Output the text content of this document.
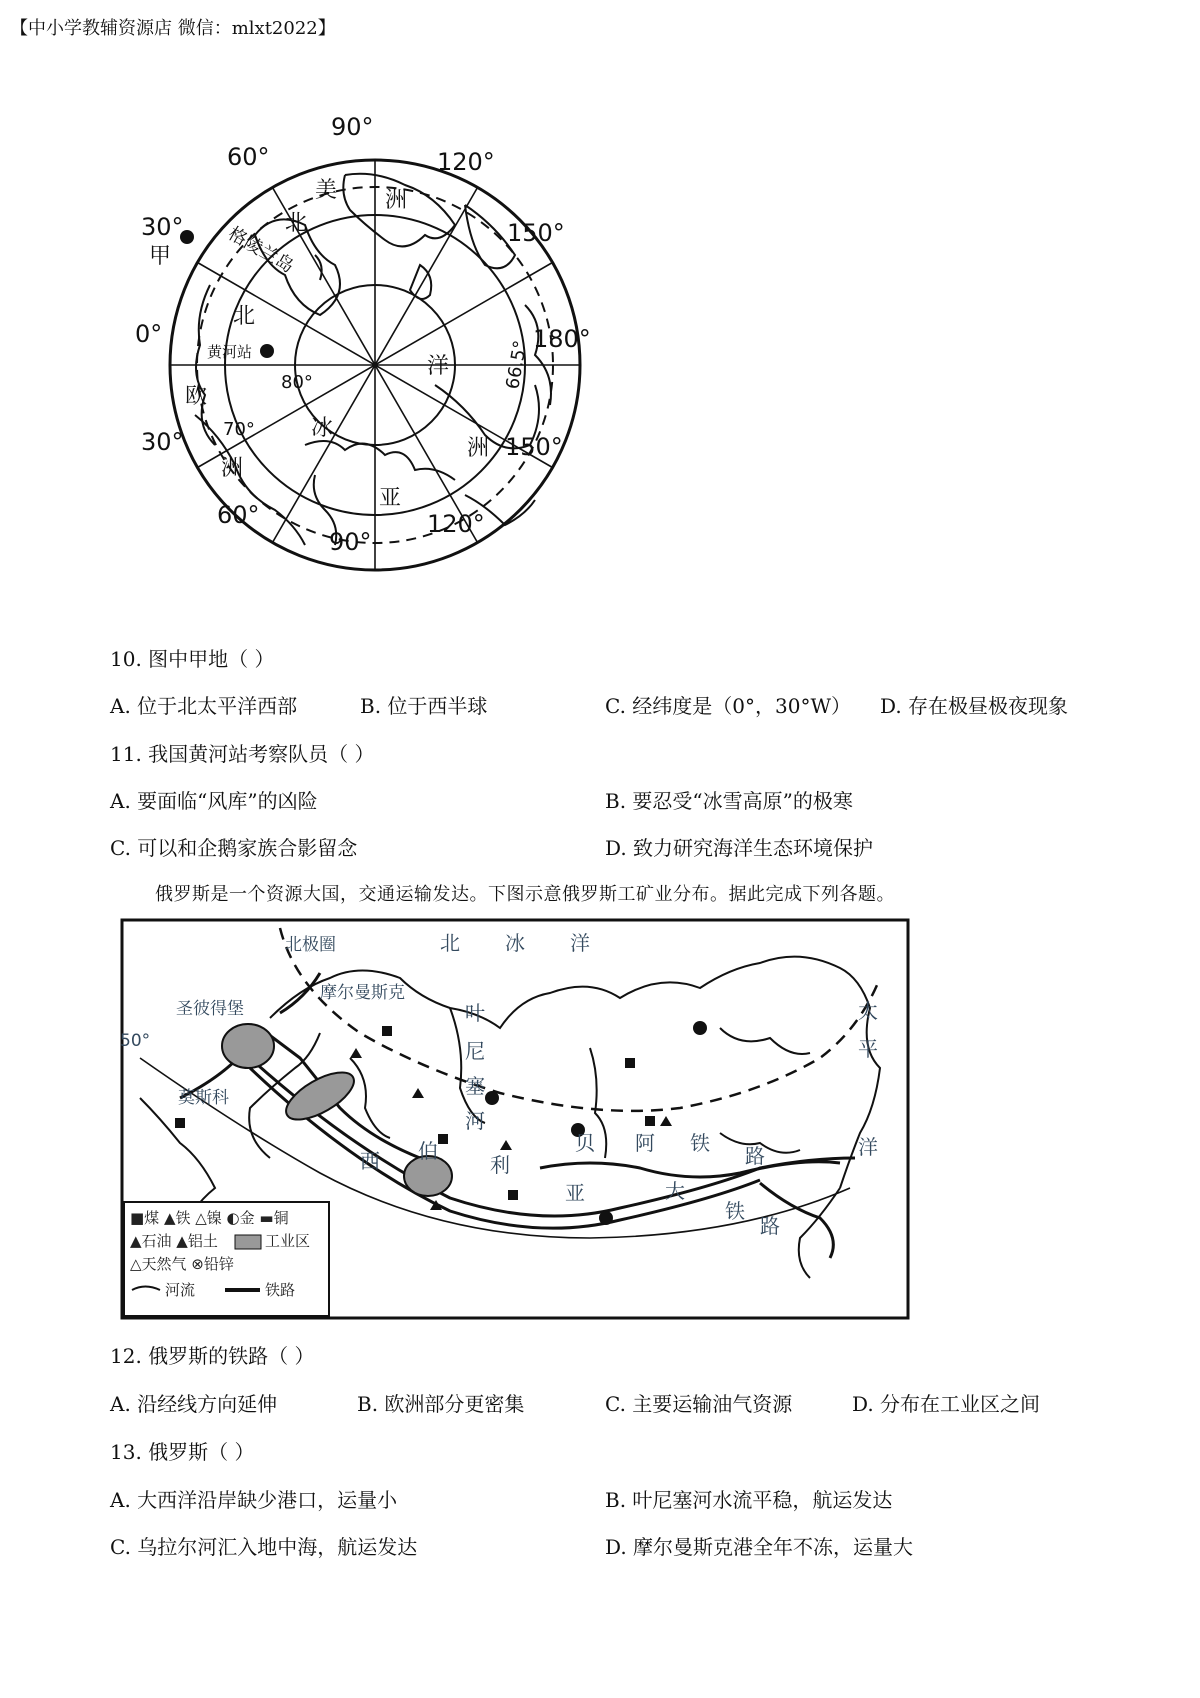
【中小学教辅资源店 微信：mlxt2022】
90°
60°
30°
0°
30°
60°
90°
120°
150°
180°
150°
120°
80°
70°
66.5°
甲	格陵兰岛
黄河站
北
美 洲
北
洋
冰
欧
洲
洲
亚
10. 图中甲地（ ）
A. 位于北太平洋西部	B. 位于西半球	C. 经纬度是（0°，30°W） D. 存在极昼极夜现象
11. 我国黄河站考察队员（ ）
A. 要面临“风库”的凶险	B. 要忍受“冰雪高原”的极寒
C. 可以和企鹅家族合影留念	D. 致力研究海洋生态环境保护
俄罗斯是一个资源大国，交通运输发达。下图示意俄罗斯工矿业分布。据此完成下列各题。
■煤 ▲铁 △镍 ◐金 ▬铜
▲石油 ▲铝土	工业区
△天然气 ⊗铅锌
河流	铁路
北极圈
摩尔曼斯克
圣彼得堡
莫斯科
50°
北 冰 洋
叶
尼
塞
河
西 伯
利
亚
贝 阿 铁
路
大
铁
路
太
平
洋
12. 俄罗斯的铁路（ ）
A. 沿经线方向延伸	B. 欧洲部分更密集	C. 主要运输油气资源	D. 分布在工业区之间
13. 俄罗斯（ ）
A. 大西洋沿岸缺少港口，运量小	B. 叶尼塞河水流平稳，航运发达
C. 乌拉尔河汇入地中海，航运发达	D. 摩尔曼斯克港全年不冻，运量大
